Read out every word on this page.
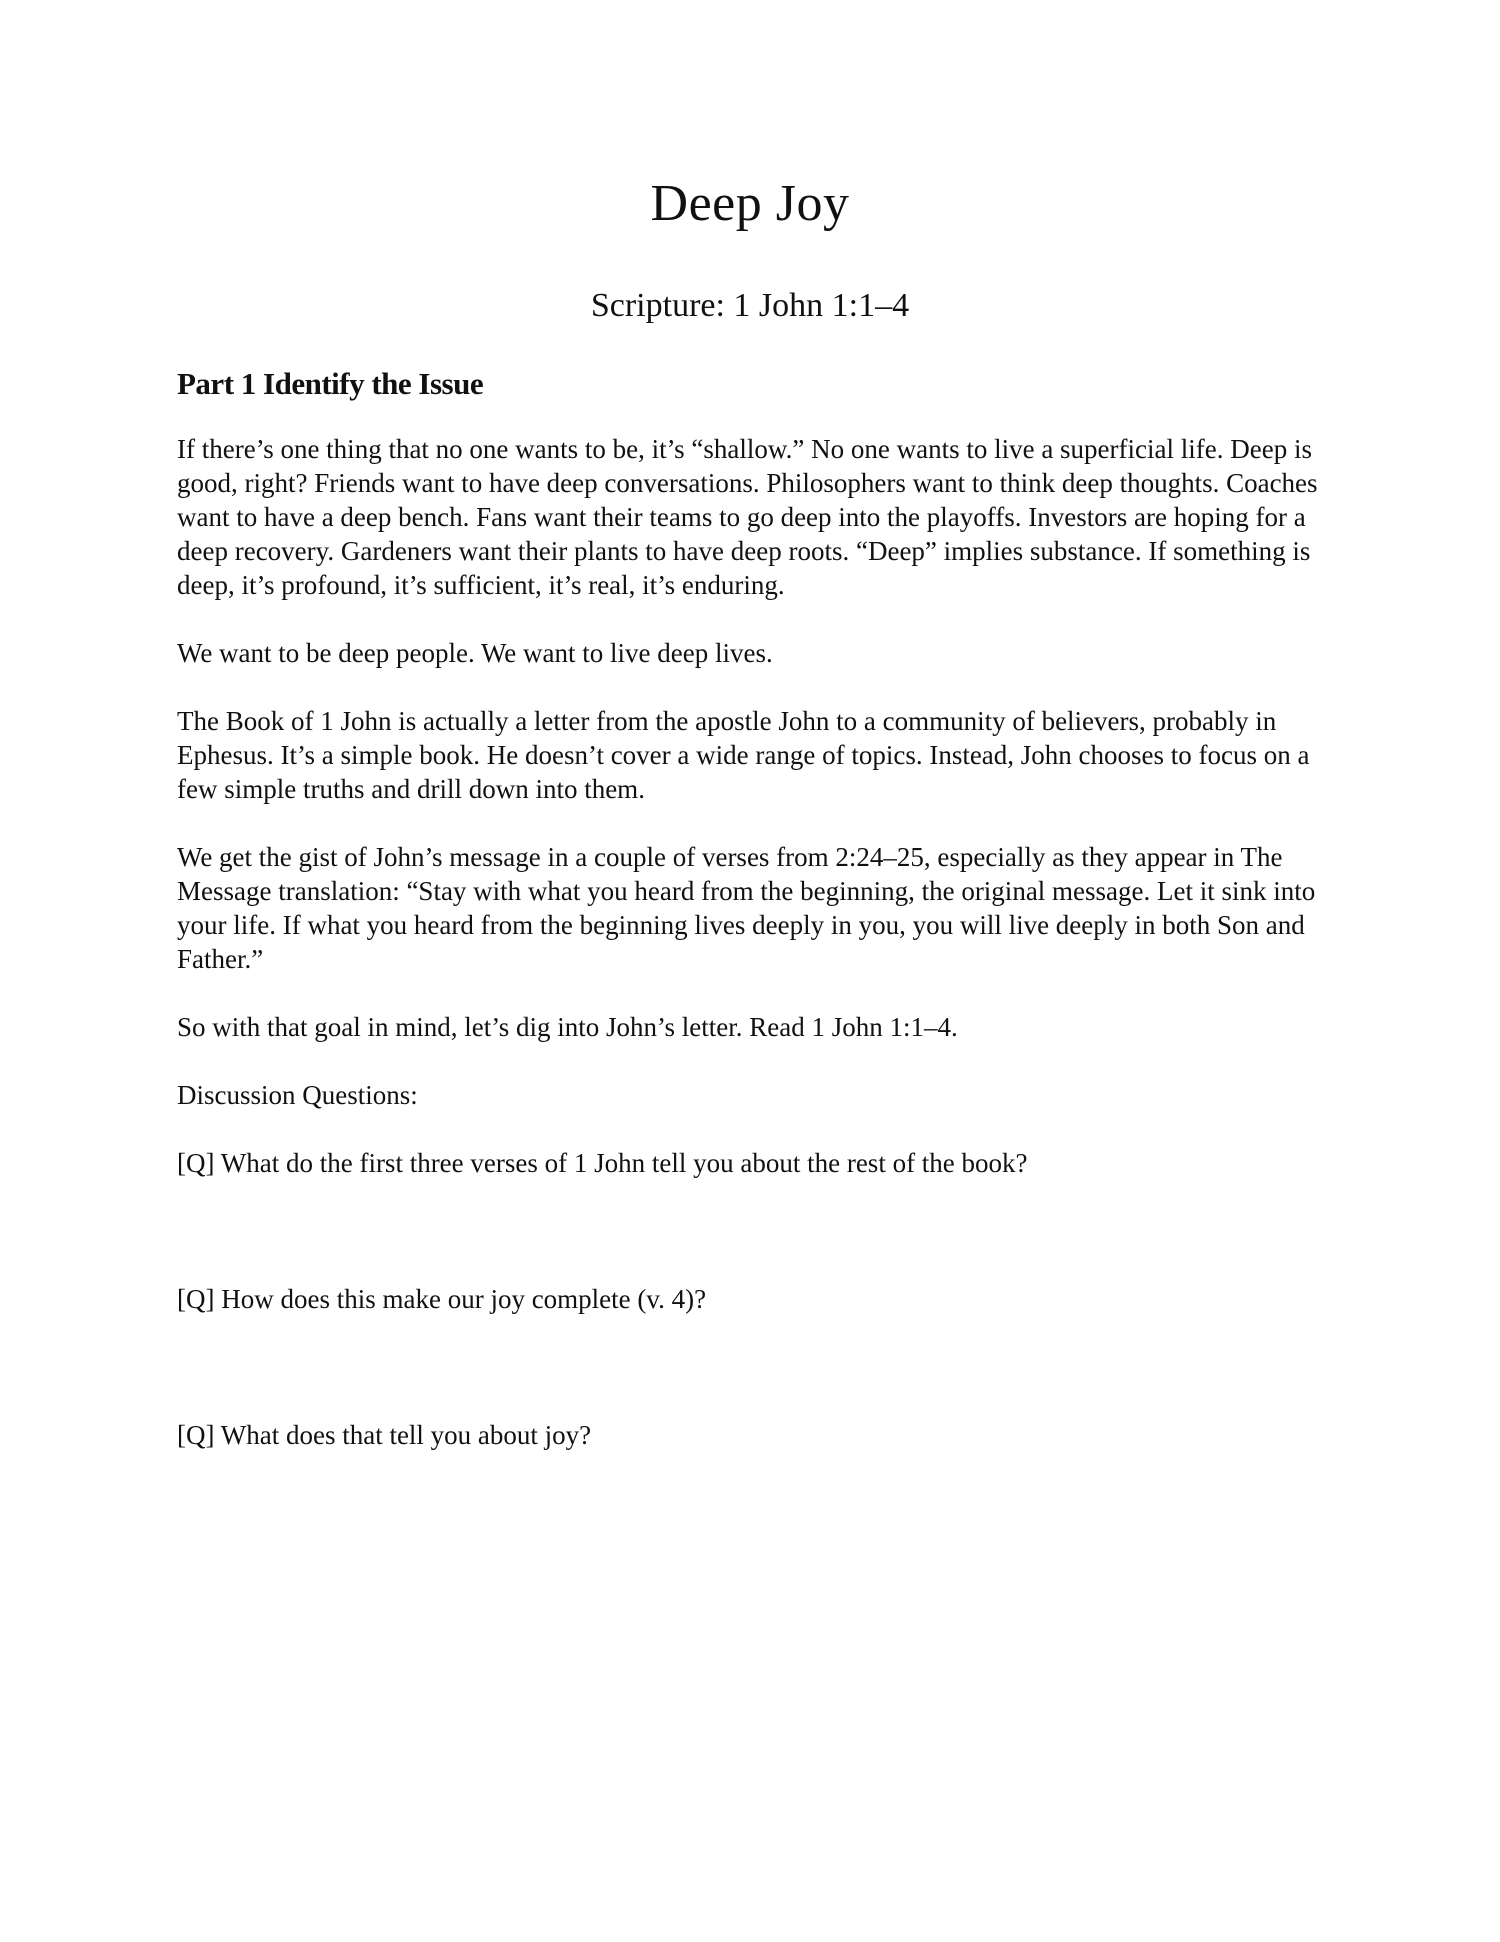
Deep Joy

Scripture: 1 John 1:1–4

Part 1 Identify the Issue

If there’s one thing that no one wants to be, it’s “shallow.” No one wants to live a superficial life. Deep is good, right? Friends want to have deep conversations. Philosophers want to think deep thoughts. Coaches want to have a deep bench. Fans want their teams to go deep into the playoffs. Investors are hoping for a deep recovery. Gardeners want their plants to have deep roots. “Deep” implies substance. If something is deep, it’s profound, it’s sufficient, it’s real, it’s enduring.

We want to be deep people. We want to live deep lives.

The Book of 1 John is actually a letter from the apostle John to a community of believers, probably in Ephesus. It’s a simple book. He doesn’t cover a wide range of topics. Instead, John chooses to focus on a few simple truths and drill down into them.

We get the gist of John’s message in a couple of verses from 2:24–25, especially as they appear in The Message translation: “Stay with what you heard from the beginning, the original message. Let it sink into your life. If what you heard from the beginning lives deeply in you, you will live deeply in both Son and Father.”

So with that goal in mind, let’s dig into John’s letter. Read 1 John 1:1–4.

Discussion Questions:

[Q] What do the first three verses of 1 John tell you about the rest of the book?

[Q] How does this make our joy complete (v. 4)?

[Q] What does that tell you about joy?
